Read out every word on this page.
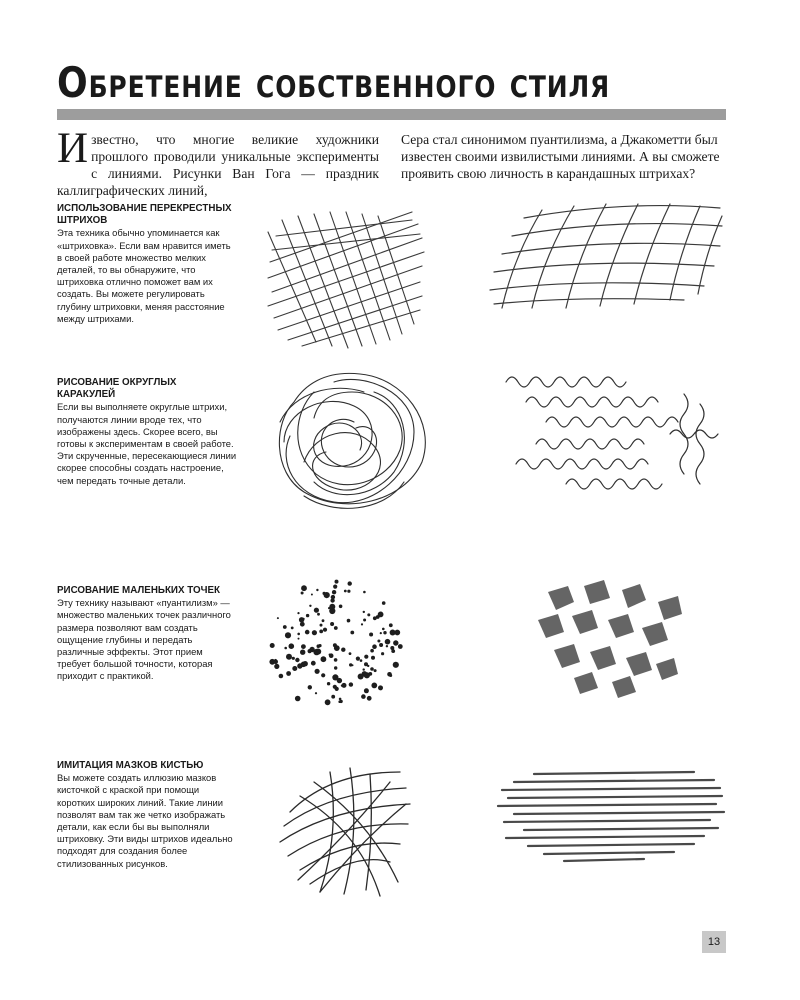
Обретение собственного стиля
Известно, что многие великие художники прошлого проводили уникальные эксперименты с линиями. Рисунки Ван Гога — праздник каллиграфических линий,
Сера стал синонимом пуантилизма, а Джакометти был известен своими извилистыми линиями. А вы сможете проявить свою личность в карандашных штрихах?
ИСПОЛЬЗОВАНИЕ ПЕРЕКРЕСТНЫХ ШТРИХОВ
Эта техника обычно упоминается как «штриховка». Если вам нравится иметь в своей работе множество мелких деталей, то вы обнаружите, что штриховка отлично поможет вам их создать. Вы можете регулировать глубину штриховки, меняя расстояние между штрихами.
РИСОВАНИЕ ОКРУГЛЫХ КАРАКУЛЕЙ
Если вы выполняете округлые штрихи, получаются линии вроде тех, что изображены здесь. Скорее всего, вы готовы к экспериментам в своей работе. Эти скрученные, пересекающиеся линии скорее способны создать настроение, чем передать точные детали.
РИСОВАНИЕ МАЛЕНЬКИХ ТОЧЕК
Эту технику называют «пуантилизм» — множество маленьких точек различного размера позволяют вам создать ощущение глубины и передать различные эффекты. Этот прием требует большой точности, которая приходит с практикой.
ИМИТАЦИЯ МАЗКОВ КИСТЬЮ
Вы можете создать иллюзию мазков кисточкой с краской при помощи коротких широких линий. Такие линии позволят вам так же четко изображать детали, как если бы вы выполняли штриховку. Эти виды штрихов идеально подходят для создания более стилизованных рисунков.
13
